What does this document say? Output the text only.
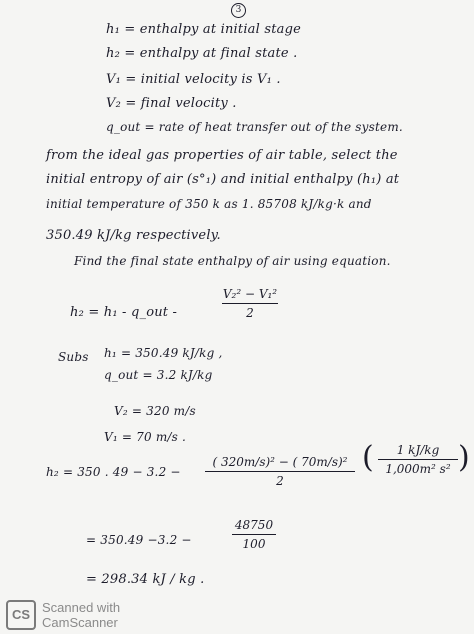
3
h₁ = enthalpy at initial stage
h₂ = enthalpy at final state .
V₁ = initial velocity is V₁ .
V₂ = final velocity .
q_out = rate of heat transfer out of the system.
from the ideal gas properties of air table, select the
initial entropy of air (s°₁) and initial enthalpy (h₁) at
initial temperature of 350 k as 1. 85708 kJ/kg·k and
350.49 kJ/kg respectively.
Find the final state enthalpy of air using equation.
h₂ = h₁ - q_out -
V₂² − V₁²
2
Subs h₁ = 350.49 kJ/kg ,
q_out = 3.2 kJ/kg
V₂ = 320 m/s
V₁ = 70 m/s .
h₂ = 350 . 49 − 3.2 −
( 320m/s)² − ( 70m/s)²
2
( 1 kJ/kg
1,000m² s² )
= 350.49 −3.2 −
48750
100
= 298.34 kJ / kg .
CS Scanned with
CamScanner
